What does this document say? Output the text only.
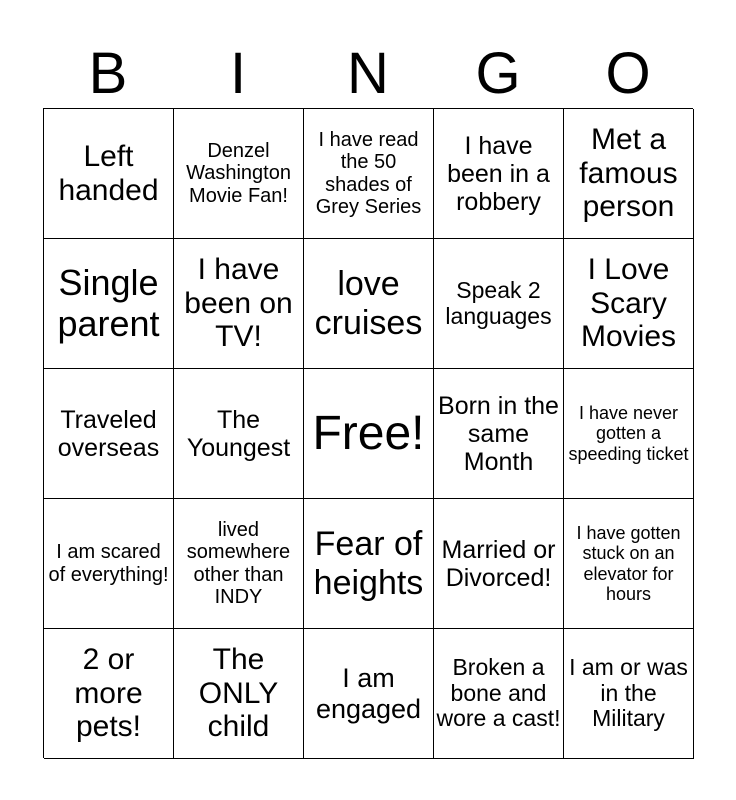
B	I	N	G	O
Left handed
Denzel Washington Movie Fan!
I have read the 50 shades of Grey Series
I have been in a robbery
Met a famous person
Single parent
I have been on TV!
love cruises
Speak 2 languages
I Love Scary Movies
Traveled overseas
The Youngest Free!
Born in the same Month
I have never gotten a speeding ticket
I am scared of everything!
lived somewhere other than INDY
Fear of heights
Married or Divorced!
I have gotten stuck on an elevator for hours
2 or more pets!
The ONLY child
I am engaged
Broken a bone and wore a cast!
I am or was in the Military
